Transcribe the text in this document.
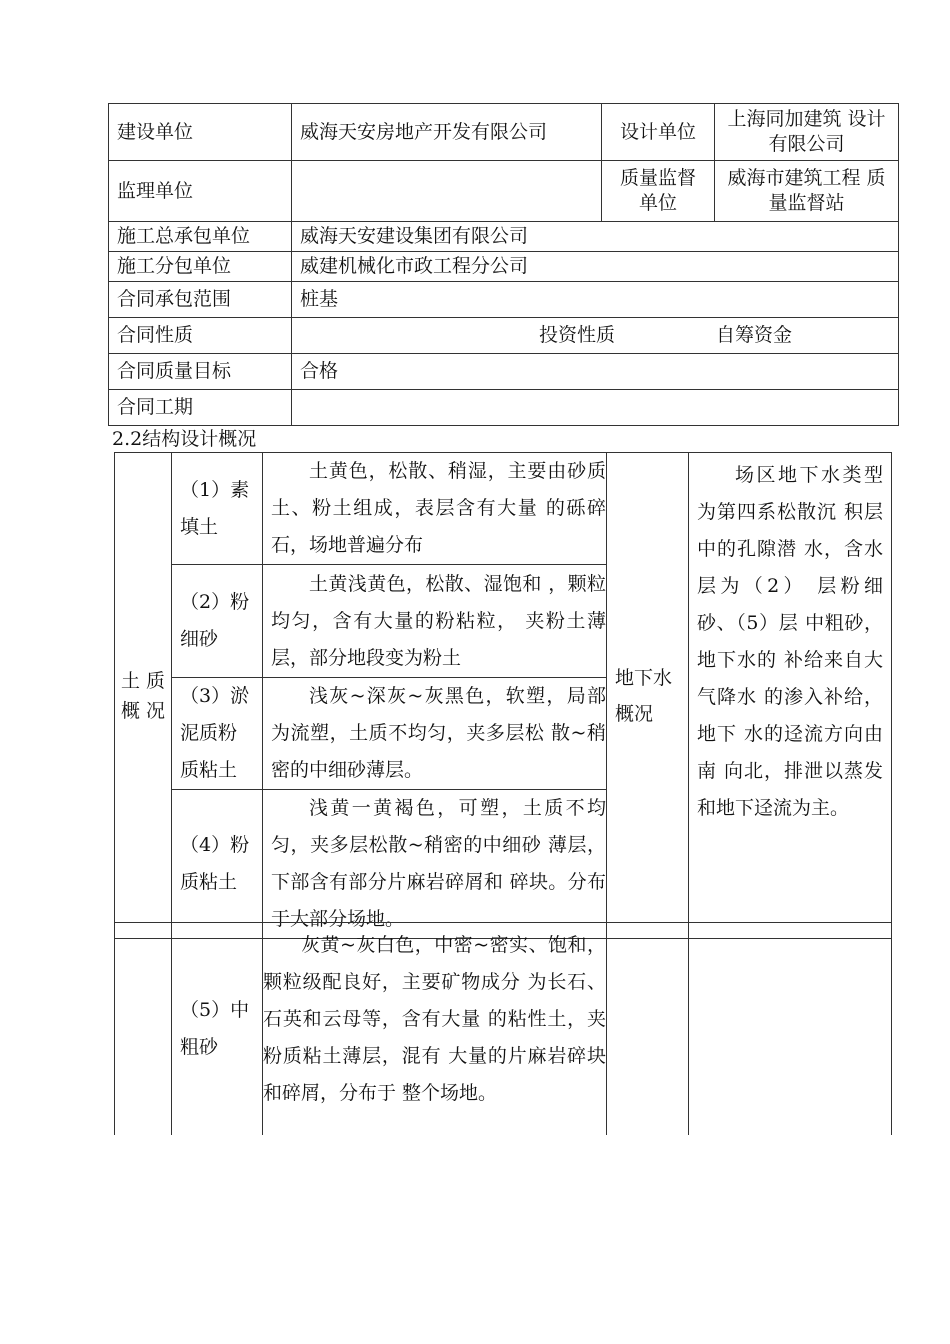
建设单位	威海天安房地产开发有限公司	设计单位	上海同加建筑 设计有限公司
监理单位		质量监督单位	威海市建筑工程 质量监督站
施工总承包单位	威海天安建设集团有限公司		
施工分包单位	威建机械化市政工程分公司		
合同承包范围	桩基		
合同性质	投资性质 自筹资金		

合同质量目标	合格		
合同工期			
2.2结构设计概况
土 质 概 况	（1）素填土	土黄色，松散、稍湿，主要由砂质土、粉土组成，表层含有大量 的砾碎石，场地普遍分布	地下水概况	场区地下水类型为第四系松散沉 积层中的孔隙潜 水，含水层为（2） 层粉细砂、（5）层 中粗砂，地下水的 补给来自大气降水 的渗入补给，地下 水的迳流方向由南 向北，排泄以蒸发 和地下迳流为主。
	（2）粉细砂	土黄浅黄色，松散、湿饱和 ，颗粒均匀，含有大量的粉粘粒， 夹粉土薄层，部分地段变为粉土		
	（3）淤泥质粉质粘土	浅灰~深灰~灰黑色，软塑，局部为流塑，土质不均匀，夹多层松 散~稍密的中细砂薄层。		
	（4）粉质粘土	浅黄一黄褐色，可塑，土质不均匀，夹多层松散~稍密的中细砂 薄层，下部含有部分片麻岩碎屑和 碎块。分布于大部分场地。		
	（5）中粗砂	灰黄~灰白色，中密~密实、饱和，颗粒级配良好，主要矿物成分 为长石、石英和云母等，含有大量 的粘性土，夹粉质粘土薄层，混有 大量的片麻岩碎块和碎屑，分布于 整个场地。		
